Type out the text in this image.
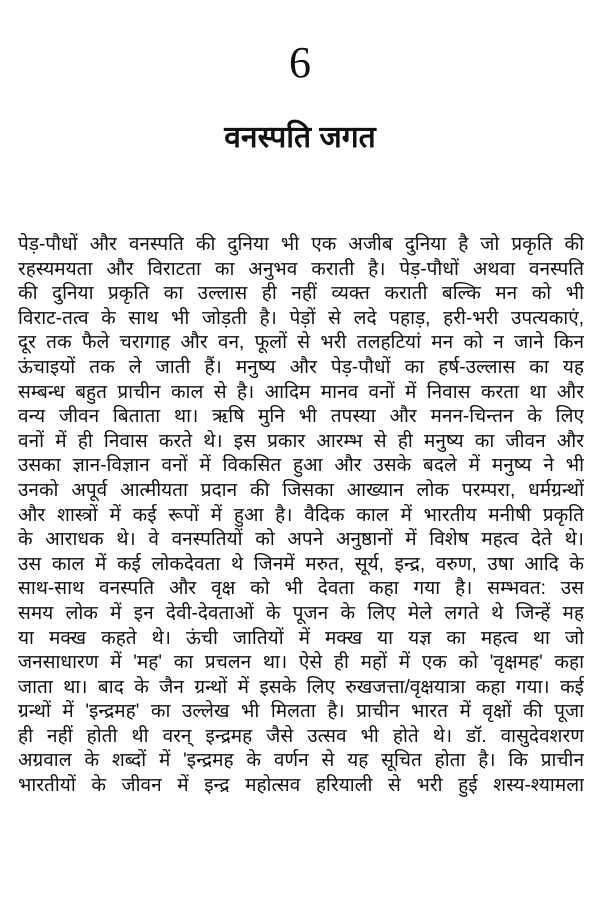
6
वनस्पति जगत
पेड़-पौधों और वनस्पति की दुनिया भी एक अजीब दुनिया है जो प्रकृति की
रहस्यमयता और विराटता का अनुभव कराती है। पेड़-पौधों अथवा वनस्पति
की दुनिया प्रकृति का उल्लास ही नहीं व्यक्त कराती बल्कि मन को भी
विराट-तत्व के साथ भी जोड़ती है। पेड़ों से लदे पहाड़, हरी-भरी उपत्यकाएं,
दूर तक फैले चरागाह और वन, फूलों से भरी तलहटियां मन को न जाने किन
ऊंचाइयों तक ले जाती हैं। मनुष्य और पेड़-पौधों का हर्ष-उल्लास का यह
सम्बन्ध बहुत प्राचीन काल से है। आदिम मानव वनों में निवास करता था और
वन्य जीवन बिताता था। ऋषि मुनि भी तपस्या और मनन-चिन्तन के लिए
वनों में ही निवास करते थे। इस प्रकार आरम्भ से ही मनुष्य का जीवन और
उसका ज्ञान-विज्ञान वनों में विकसित हुआ और उसके बदले में मनुष्य ने भी
उनको अपूर्व आत्मीयता प्रदान की जिसका आख्यान लोक परम्परा, धर्मग्रन्थों
और शास्त्रों में कई रूपों में हुआ है। वैदिक काल में भारतीय मनीषी प्रकृति
के आराधक थे। वे वनस्पतियों को अपने अनुष्ठानों में विशेष महत्व देते थे।
उस काल में कई लोकदेवता थे जिनमें मरुत, सूर्य, इन्द्र, वरुण, उषा आदि के
साथ-साथ वनस्पति और वृक्ष को भी देवता कहा गया है। सम्भवत: उस
समय लोक में इन देवी-देवताओं के पूजन के लिए मेले लगते थे जिन्हें मह
या मक्ख कहते थे। ऊंची जातियों में मक्ख या यज्ञ का महत्व था जो
जनसाधारण में 'मह' का प्रचलन था। ऐसे ही महों में एक को 'वृक्षमह' कहा
जाता था। बाद के जैन ग्रन्थों में इसके लिए रुखजत्ता/वृक्षयात्रा कहा गया। कई
ग्रन्थों में 'इन्द्रमह' का उल्लेख भी मिलता है। प्राचीन भारत में वृक्षों की पूजा
ही नहीं होती थी वरन् इन्द्रमह जैसे उत्सव भी होते थे। डॉ. वासुदेवशरण
अग्रवाल के शब्दों में 'इन्द्रमह के वर्णन से यह सूचित होता है। कि प्राचीन
भारतीयों के जीवन में इन्द्र महोत्सव हरियाली से भरी हुई शस्य-श्यामला
